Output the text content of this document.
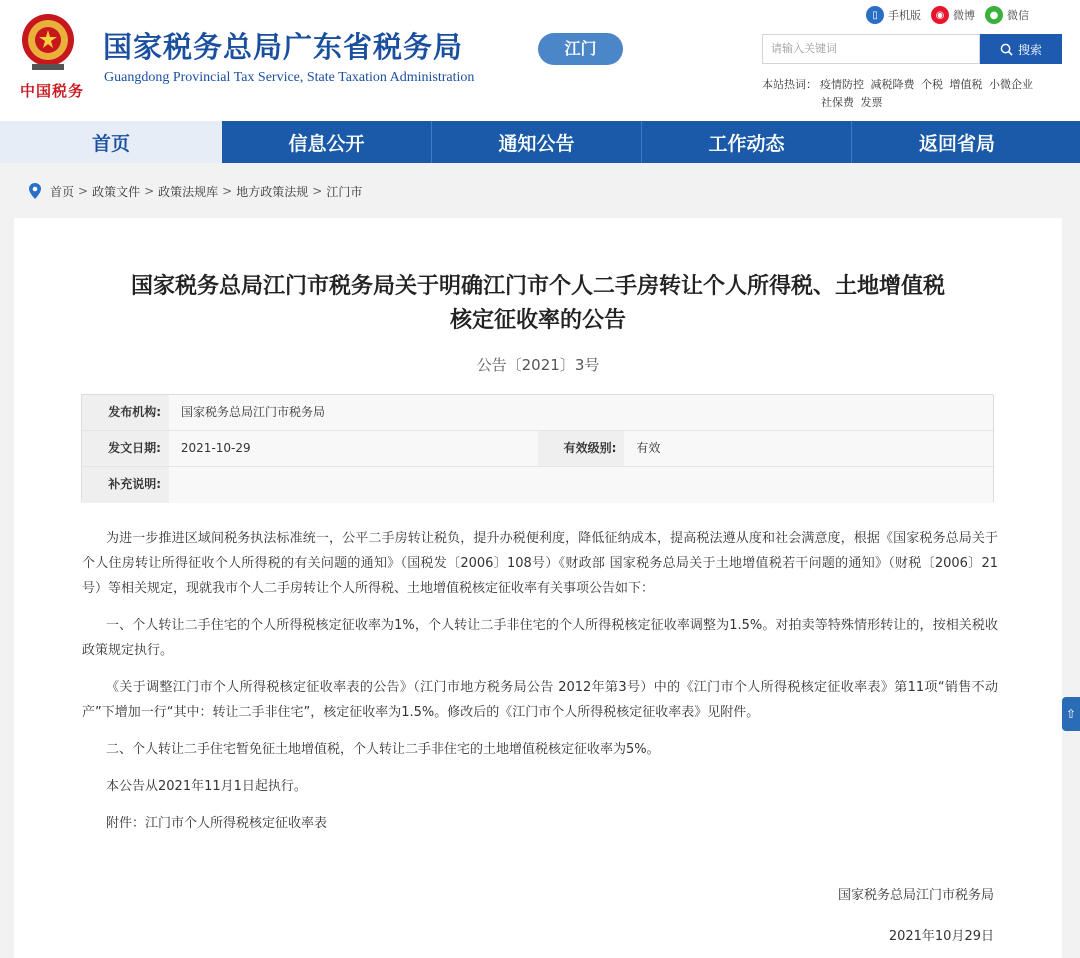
中国税务
国家税务总局广东省税务局
Guangdong Provincial Tax Service, State Taxation Administration
江门
▯ 手机版	◉ 微博	● 微信
请输入关键词	搜索
本站热词： 疫情防控 减税降费 个税 增值税 小微企业
社保费 发票
首页	信息公开	通知公告	工作动态	返回省局
首页 > 政策文件 > 政策法规库 > 地方政策法规 > 江门市
国家税务总局江门市税务局关于明确江门市个人二手房转让个人所得税、土地增值税
核定征收率的公告
公告〔2021〕3号
发布机构:	国家税务总局江门市税务局
发文日期:	2021-10-29	有效级别:	有效
补充说明:

为进一步推进区域间税务执法标准统一，公平二手房转让税负，提升办税便利度，降低征纳成本，提高税法遵从度和社会满意度，根据《国家税务总局关于个人住房转让所得征收个人所得税的有关问题的通知》（国税发〔2006〕108号）《财政部 国家税务总局关于土地增值税若干问题的通知》（财税〔2006〕21号）等相关规定，现就我市个人二手房转让个人所得税、土地增值税核定征收率有关事项公告如下：

一、个人转让二手住宅的个人所得税核定征收率为1%，个人转让二手非住宅的个人所得税核定征收率调整为1.5%。对拍卖等特殊情形转让的，按相关税收政策规定执行。

《关于调整江门市个人所得税核定征收率表的公告》（江门市地方税务局公告 2012年第3号）中的《江门市个人所得税核定征收率表》第11项“销售不动产”下增加一行“其中：转让二手非住宅”，核定征收率为1.5%。修改后的《江门市个人所得税核定征收率表》见附件。

二、个人转让二手住宅暂免征土地增值税，个人转让二手非住宅的土地增值税核定征收率为5%。

本公告从2021年11月1日起执行。

附件：江门市个人所得税核定征收率表

国家税务总局江门市税务局
2021年10月29日
⇧
